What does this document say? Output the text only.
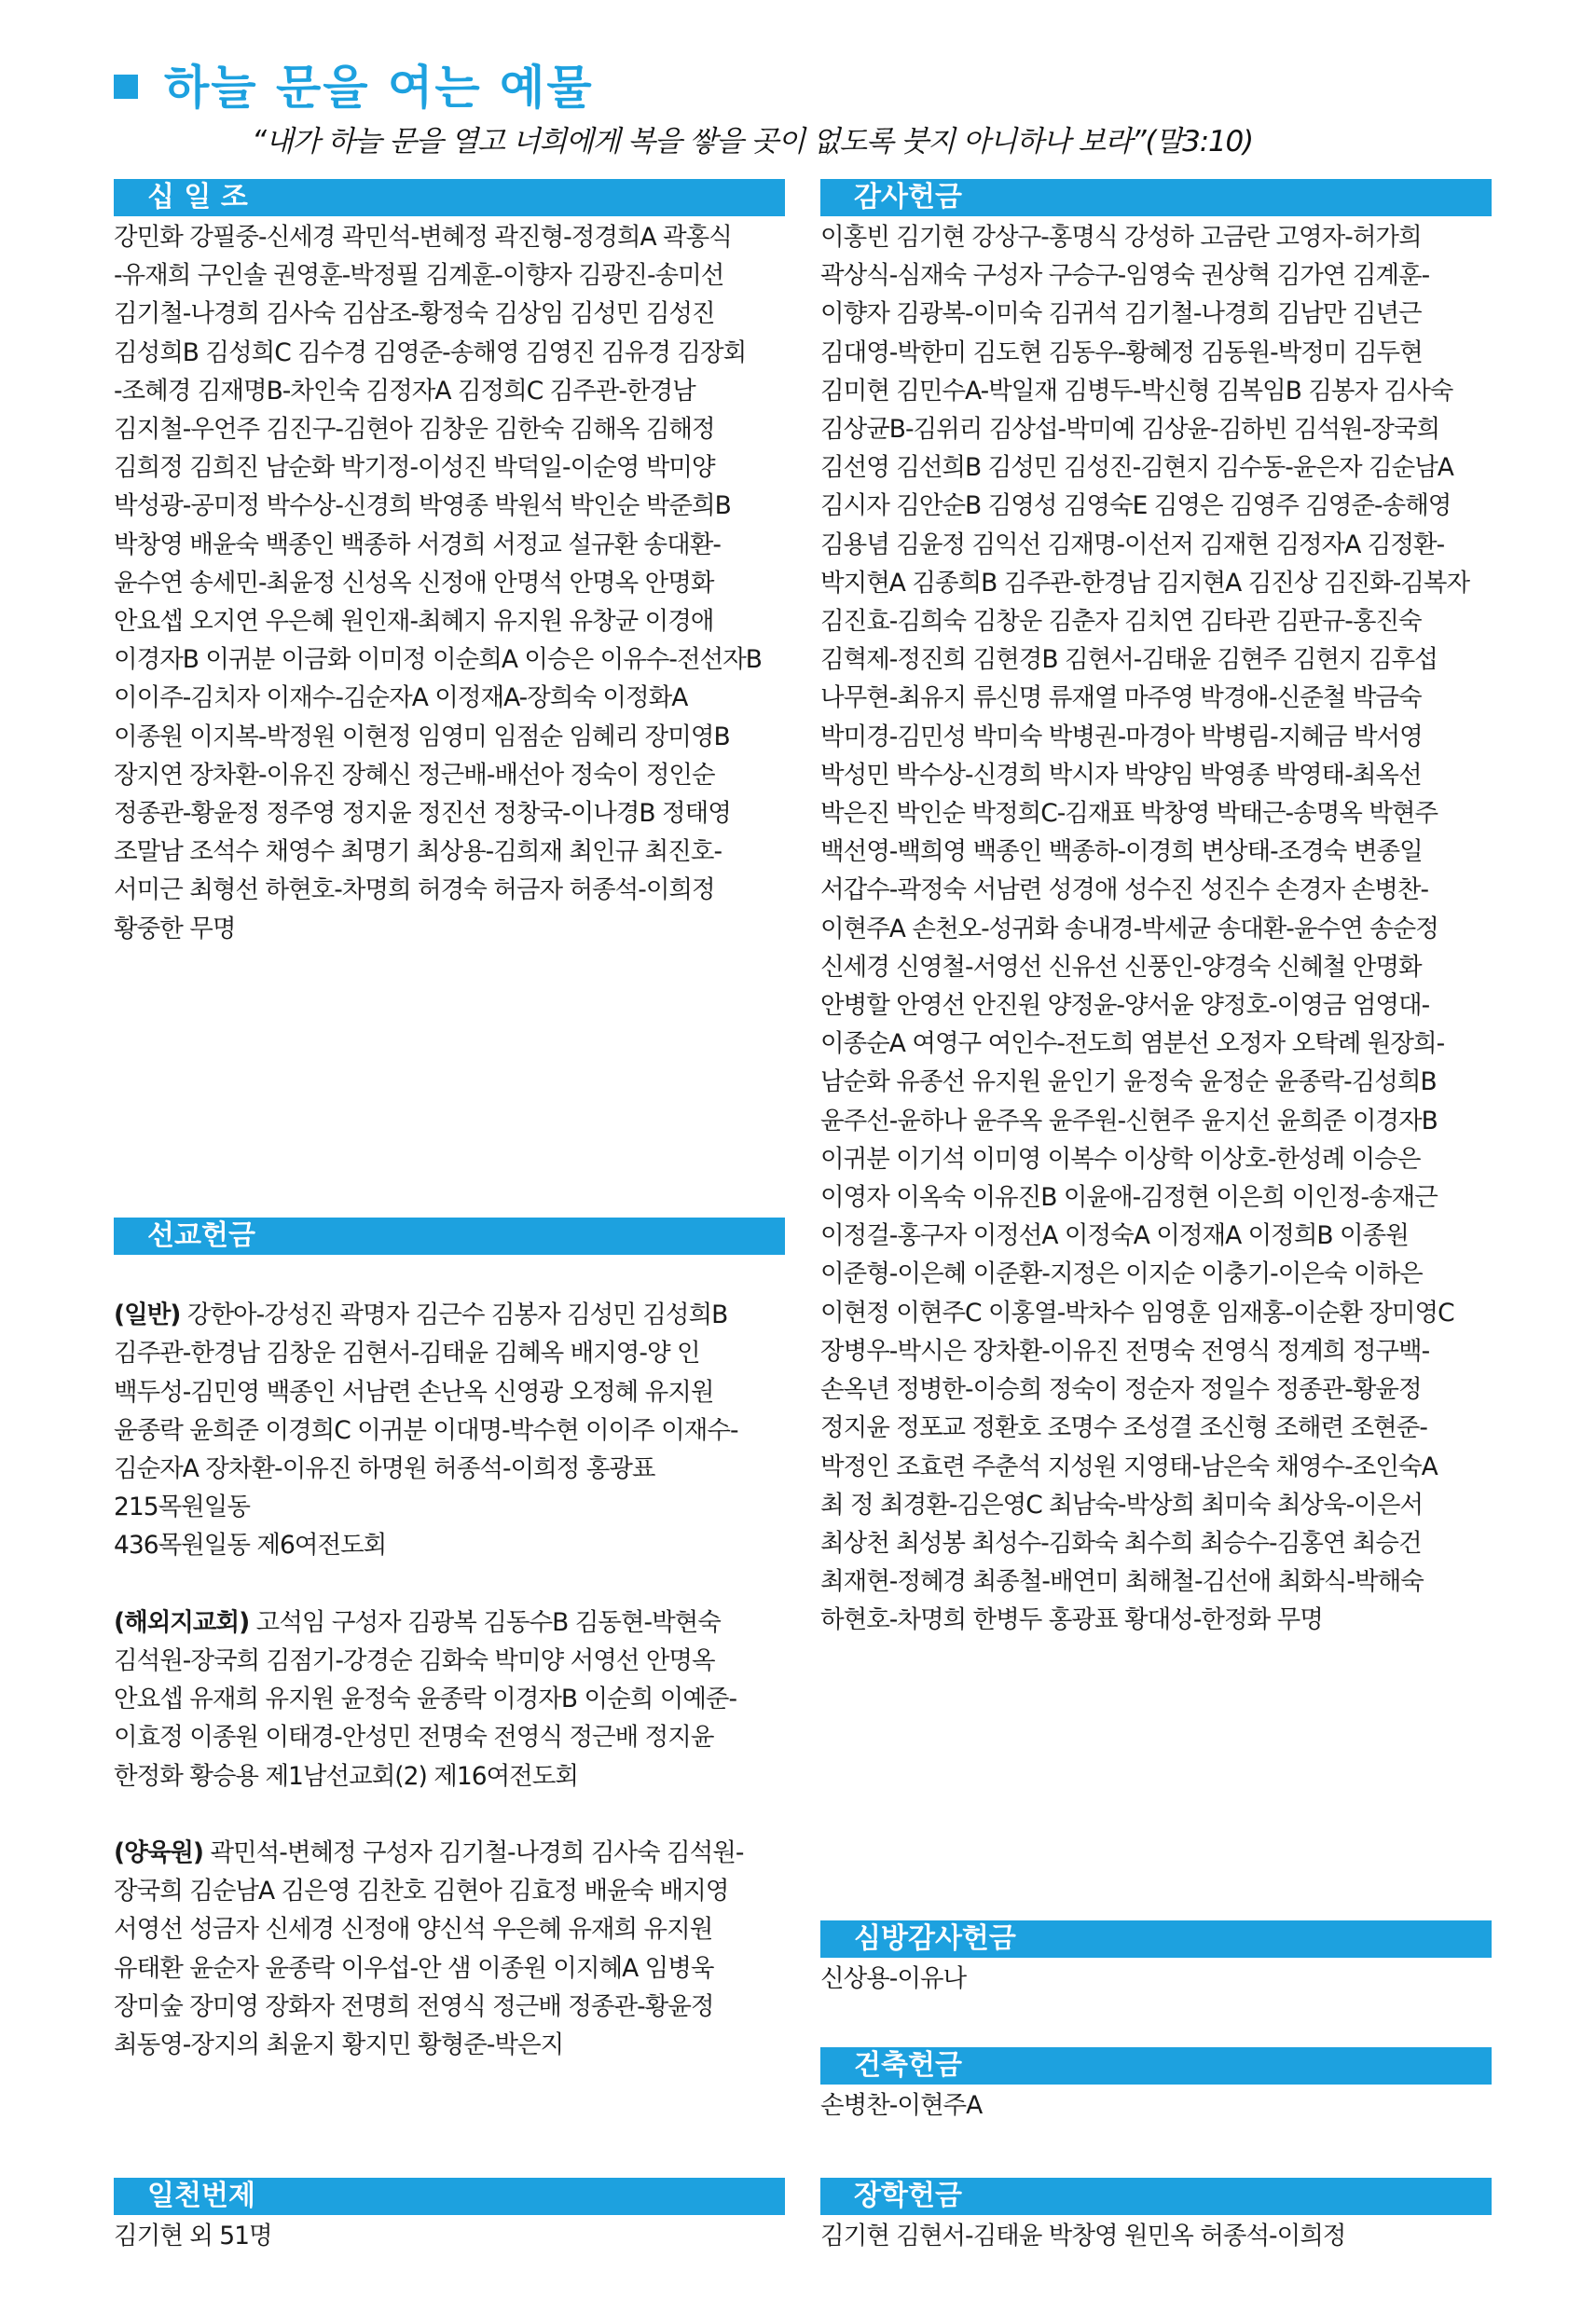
하늘 문을 여는 예물
“내가 하늘 문을 열고 너희에게 복을 쌓을 곳이 없도록 붓지 아니하나 보라”(말3:10)
십 일 조
강민화 강필중-신세경 곽민석-변혜정 곽진형-정경희A 곽홍식
-유재희 구인솔 권영훈-박정필 김계훈-이향자 김광진-송미선
김기철-나경희 김사숙 김삼조-황정숙 김상임 김성민 김성진
김성희B 김성희C 김수경 김영준-송해영 김영진 김유경 김장회
-조혜경 김재명B-차인숙 김정자A 김정희C 김주관-한경남
김지철-우언주 김진구-김현아 김창운 김한숙 김해옥 김해정
김희정 김희진 남순화 박기정-이성진 박덕일-이순영 박미양
박성광-공미정 박수상-신경희 박영종 박원석 박인순 박준희B
박창영 배윤숙 백종인 백종하 서경희 서정교 설규환 송대환-
윤수연 송세민-최윤정 신성옥 신정애 안명석 안명옥 안명화
안요셉 오지연 우은혜 원인재-최혜지 유지원 유창균 이경애
이경자B 이귀분 이금화 이미정 이순희A 이승은 이유수-전선자B
이이주-김치자 이재수-김순자A 이정재A-장희숙 이정화A
이종원 이지복-박정원 이현정 임영미 임점순 임혜리 장미영B
장지연 장차환-이유진 장혜신 정근배-배선아 정숙이 정인순
정종관-황윤정 정주영 정지윤 정진선 정창국-이나경B 정태영
조말남 조석수 채영수 최명기 최상용-김희재 최인규 최진호-
서미근 최형선 하현호-차명희 허경숙 허금자 허종석-이희정
황중한 무명
선교헌금

(일반) 강한아-강성진 곽명자 김근수 김봉자 김성민 김성희B
김주관-한경남 김창운 김현서-김태윤 김혜옥 배지영-양 인
백두성-김민영 백종인 서남련 손난옥 신영광 오정혜 유지원
윤종락 윤희준 이경희C 이귀분 이대명-박수현 이이주 이재수-
김순자A 장차환-이유진 하명원 허종석-이희정 홍광표 215목원일동
436목원일동 제6여전도회

(해외지교회) 고석임 구성자 김광복 김동수B 김동현-박현숙
김석원-장국희 김점기-강경순 김화숙 박미양 서영선 안명옥
안요셉 유재희 유지원 윤정숙 윤종락 이경자B 이순희 이예준-
이효정 이종원 이태경-안성민 전명숙 전영식 정근배 정지윤
한정화 황승용 제1남선교회(2) 제16여전도회

(양육원) 곽민석-변혜정 구성자 김기철-나경희 김사숙 김석원-
장국희 김순남A 김은영 김찬호 김현아 김효정 배윤숙 배지영
서영선 성금자 신세경 신정애 양신석 우은혜 유재희 유지원
유태환 윤순자 윤종락 이우섭-안 샘 이종원 이지혜A 임병욱
장미숲 장미영 장화자 전명희 전영식 정근배 정종관-황윤정
최동영-장지의 최윤지 황지민 황형준-박은지

일천번제
김기현 외 51명
감사헌금
이홍빈 김기현 강상구-홍명식 강성하 고금란 고영자-허가희
곽상식-심재숙 구성자 구승구-임영숙 권상혁 김가연 김계훈-
이향자 김광복-이미숙 김귀석 김기철-나경희 김남만 김년근
김대영-박한미 김도현 김동우-황혜정 김동원-박정미 김두현
김미현 김민수A-박일재 김병두-박신형 김복임B 김봉자 김사숙
김상균B-김위리 김상섭-박미예 김상윤-김하빈 김석원-장국희
김선영 김선희B 김성민 김성진-김현지 김수동-윤은자 김순남A
김시자 김안순B 김영성 김영숙E 김영은 김영주 김영준-송해영
김용념 김윤정 김익선 김재명-이선저 김재현 김정자A 김정환-
박지현A 김종희B 김주관-한경남 김지현A 김진상 김진화-김복자
김진효-김희숙 김창운 김춘자 김치연 김타관 김판규-홍진숙
김혁제-정진희 김현경B 김현서-김태윤 김현주 김현지 김후섭
나무현-최유지 류신명 류재열 마주영 박경애-신준철 박금숙
박미경-김민성 박미숙 박병권-마경아 박병림-지혜금 박서영
박성민 박수상-신경희 박시자 박양임 박영종 박영태-최옥선
박은진 박인순 박정희C-김재표 박창영 박태근-송명옥 박현주
백선영-백희영 백종인 백종하-이경희 변상태-조경숙 변종일
서갑수-곽정숙 서남련 성경애 성수진 성진수 손경자 손병찬-
이현주A 손천오-성귀화 송내경-박세균 송대환-윤수연 송순정
신세경 신영철-서영선 신유선 신풍인-양경숙 신혜철 안명화
안병할 안영선 안진원 양정윤-양서윤 양정호-이영금 엄영대-
이종순A 여영구 여인수-전도희 염분선 오정자 오탁례 원장희-
남순화 유종선 유지원 윤인기 윤정숙 윤정순 윤종락-김성희B
윤주선-윤하나 윤주옥 윤주원-신현주 윤지선 윤희준 이경자B
이귀분 이기석 이미영 이복수 이상학 이상호-한성례 이승은
이영자 이옥숙 이유진B 이윤애-김정현 이은희 이인정-송재근
이정걸-홍구자 이정선A 이정숙A 이정재A 이정희B 이종원
이준형-이은혜 이준환-지정은 이지순 이충기-이은숙 이하은
이현정 이현주C 이홍열-박차수 임영훈 임재홍-이순환 장미영C
장병우-박시은 장차환-이유진 전명숙 전영식 정계희 정구백-
손옥년 정병한-이승희 정숙이 정순자 정일수 정종관-황윤정
정지윤 정포교 정환호 조명수 조성결 조신형 조해련 조현준-
박정인 조효련 주춘석 지성원 지영태-남은숙 채영수-조인숙A
최 정 최경환-김은영C 최남숙-박상희 최미숙 최상욱-이은서
최상천 최성봉 최성수-김화숙 최수희 최승수-김홍연 최승건
최재현-정혜경 최종철-배연미 최해철-김선애 최화식-박해숙
하현호-차명희 한병두 홍광표 황대성-한정화 무명
심방감사헌금
신상용-이유나
건축헌금
손병찬-이현주A
장학헌금
김기현 김현서-김태윤 박창영 원민옥 허종석-이희정
